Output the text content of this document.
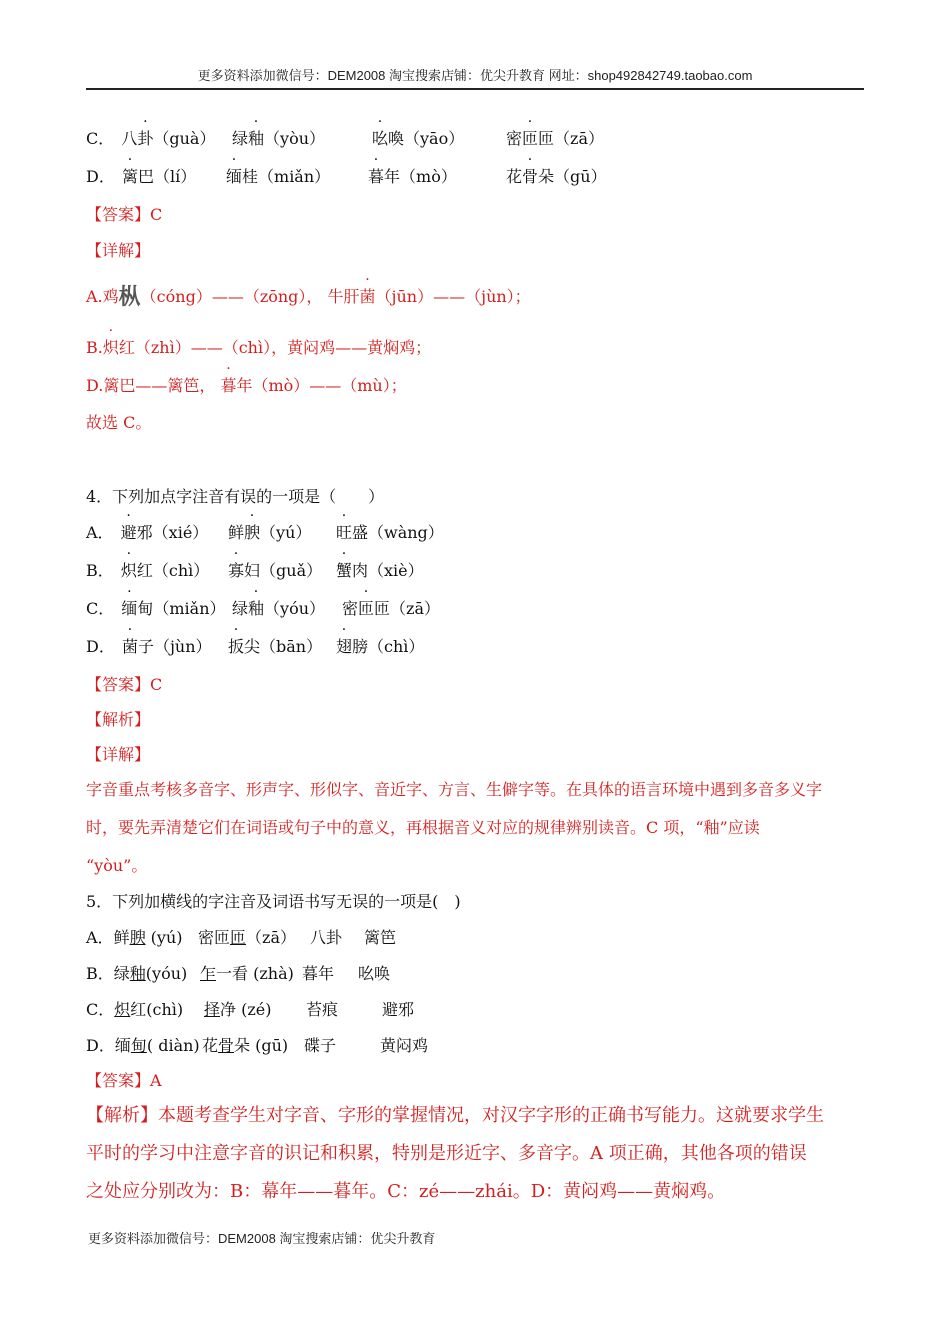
更多资料添加微信号：DEM2008 淘宝搜索店铺：优尖升教育 网址：shop492842749.taobao.com
C． 八卦（guà） 绿釉（yòu）	吆喚（yāo）	密匝匝（zā）
D． 篱巴（lí） 缅桂（miǎn） 暮年（mò）	花骨朵（gū）
【答案】C
【详解】
A.鸡枞（cóng）——（zōng）， 牛肝菌（jūn）——（jùn）；
B.炽红（zhì）——（chì），黄闷鸡——黄焖鸡；
D.篱巴——篱笆， 暮年（mò）——（mù）；
故选 C。
4．下列加点字注音有误的一项是（　　）
A． 避邪（xié） 鲜腴（yú） 旺盛（wàng）
B． 炽红（chì） 寡妇（guǎ） 蟹肉（xiè）
C． 缅甸（miǎn） 绿釉（yóu） 密匝匝（zā）
D． 菌子（jùn） 扳尖（bān） 翅膀（chì）
【答案】C
【解析】
【详解】
字音重点考核多音字、形声字、形似字、音近字、方言、生僻字等。在具体的语言环境中遇到多音多义字
时，要先弄清楚它们在词语或句子中的意义，再根据音义对应的规律辨别读音。C 项，“釉”应读
“yòu”。
5．下列加横线的字注音及词语书写无误的一项是(　)
A．鲜腴 (yú) 密匝匝（zā） 八卦 篱笆
B．绿釉(yóu) 乍一看 (zhà) 暮年 吆唤
C．炽红(chì) 择净 (zé) 苔痕	避邪
D．缅甸( diàn) 花骨朵 (gū) 碟子	黄闷鸡
【答案】A
【解析】本题考查学生对字音、字形的掌握情况，对汉字字形的正确书写能力。这就要求学生
平时的学习中注意字音的识记和积累，特别是形近字、多音字。A 项正确，其他各项的错误
之处应分别改为：B：幕年——暮年。C：zé——zhái。D：黄闷鸡——黄焖鸡。
更多资料添加微信号：DEM2008 淘宝搜索店铺：优尖升教育
